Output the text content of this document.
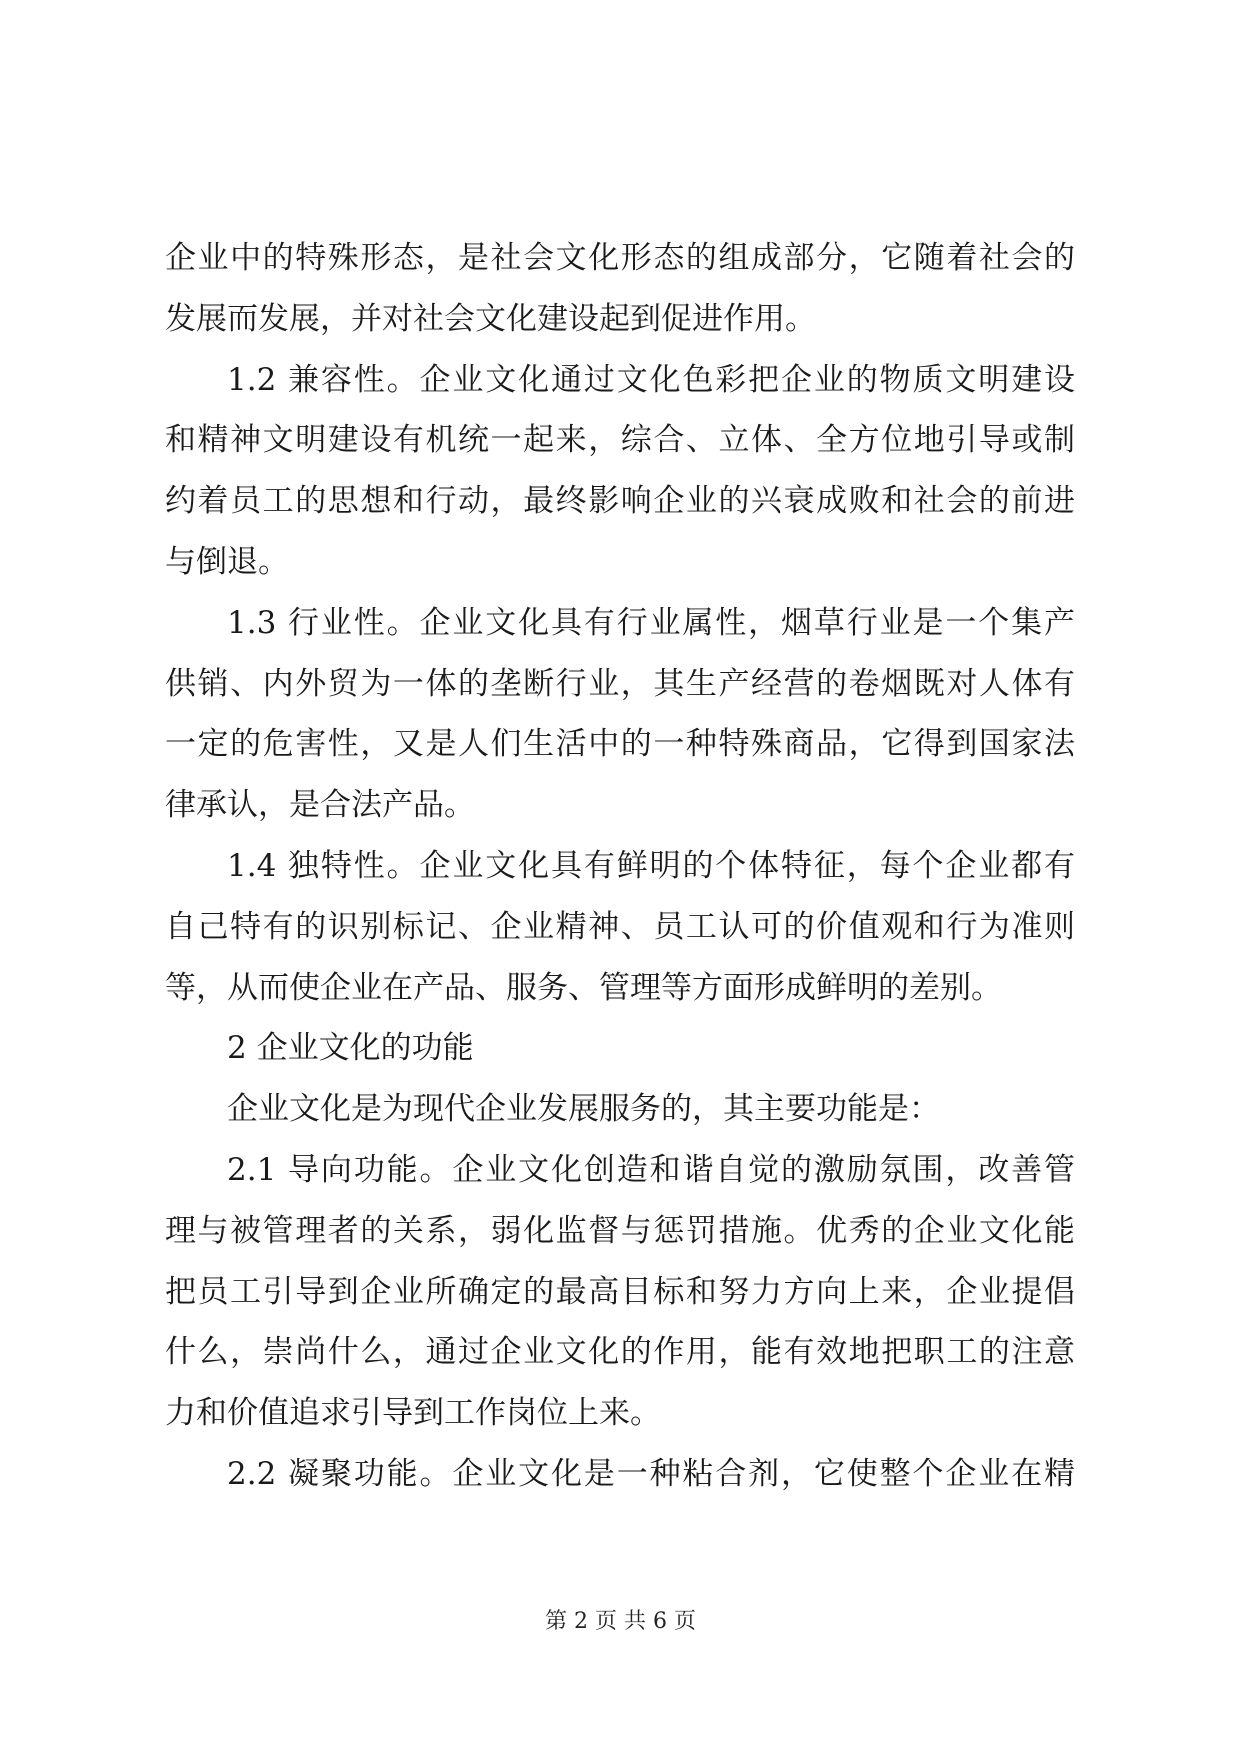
企业中的特殊形态，是社会文化形态的组成部分，它随着社会的
发展而发展，并对社会文化建设起到促进作用。
1.2 兼容性。企业文化通过文化色彩把企业的物质文明建设
和精神文明建设有机统一起来，综合、立体、全方位地引导或制
约着员工的思想和行动，最终影响企业的兴衰成败和社会的前进
与倒退。
1.3 行业性。企业文化具有行业属性，烟草行业是一个集产
供销、内外贸为一体的垄断行业，其生产经营的卷烟既对人体有
一定的危害性，又是人们生活中的一种特殊商品，它得到国家法
律承认，是合法产品。
1.4 独特性。企业文化具有鲜明的个体特征，每个企业都有
自己特有的识别标记、企业精神、员工认可的价值观和行为准则
等，从而使企业在产品、服务、管理等方面形成鲜明的差别。
2 企业文化的功能
企业文化是为现代企业发展服务的，其主要功能是：
2.1 导向功能。企业文化创造和谐自觉的激励氛围，改善管
理与被管理者的关系，弱化监督与惩罚措施。优秀的企业文化能
把员工引导到企业所确定的最高目标和努力方向上来，企业提倡
什么，崇尚什么，通过企业文化的作用，能有效地把职工的注意
力和价值追求引导到工作岗位上来。
2.2 凝聚功能。企业文化是一种粘合剂，它使整个企业在精
第 2 页 共 6 页
